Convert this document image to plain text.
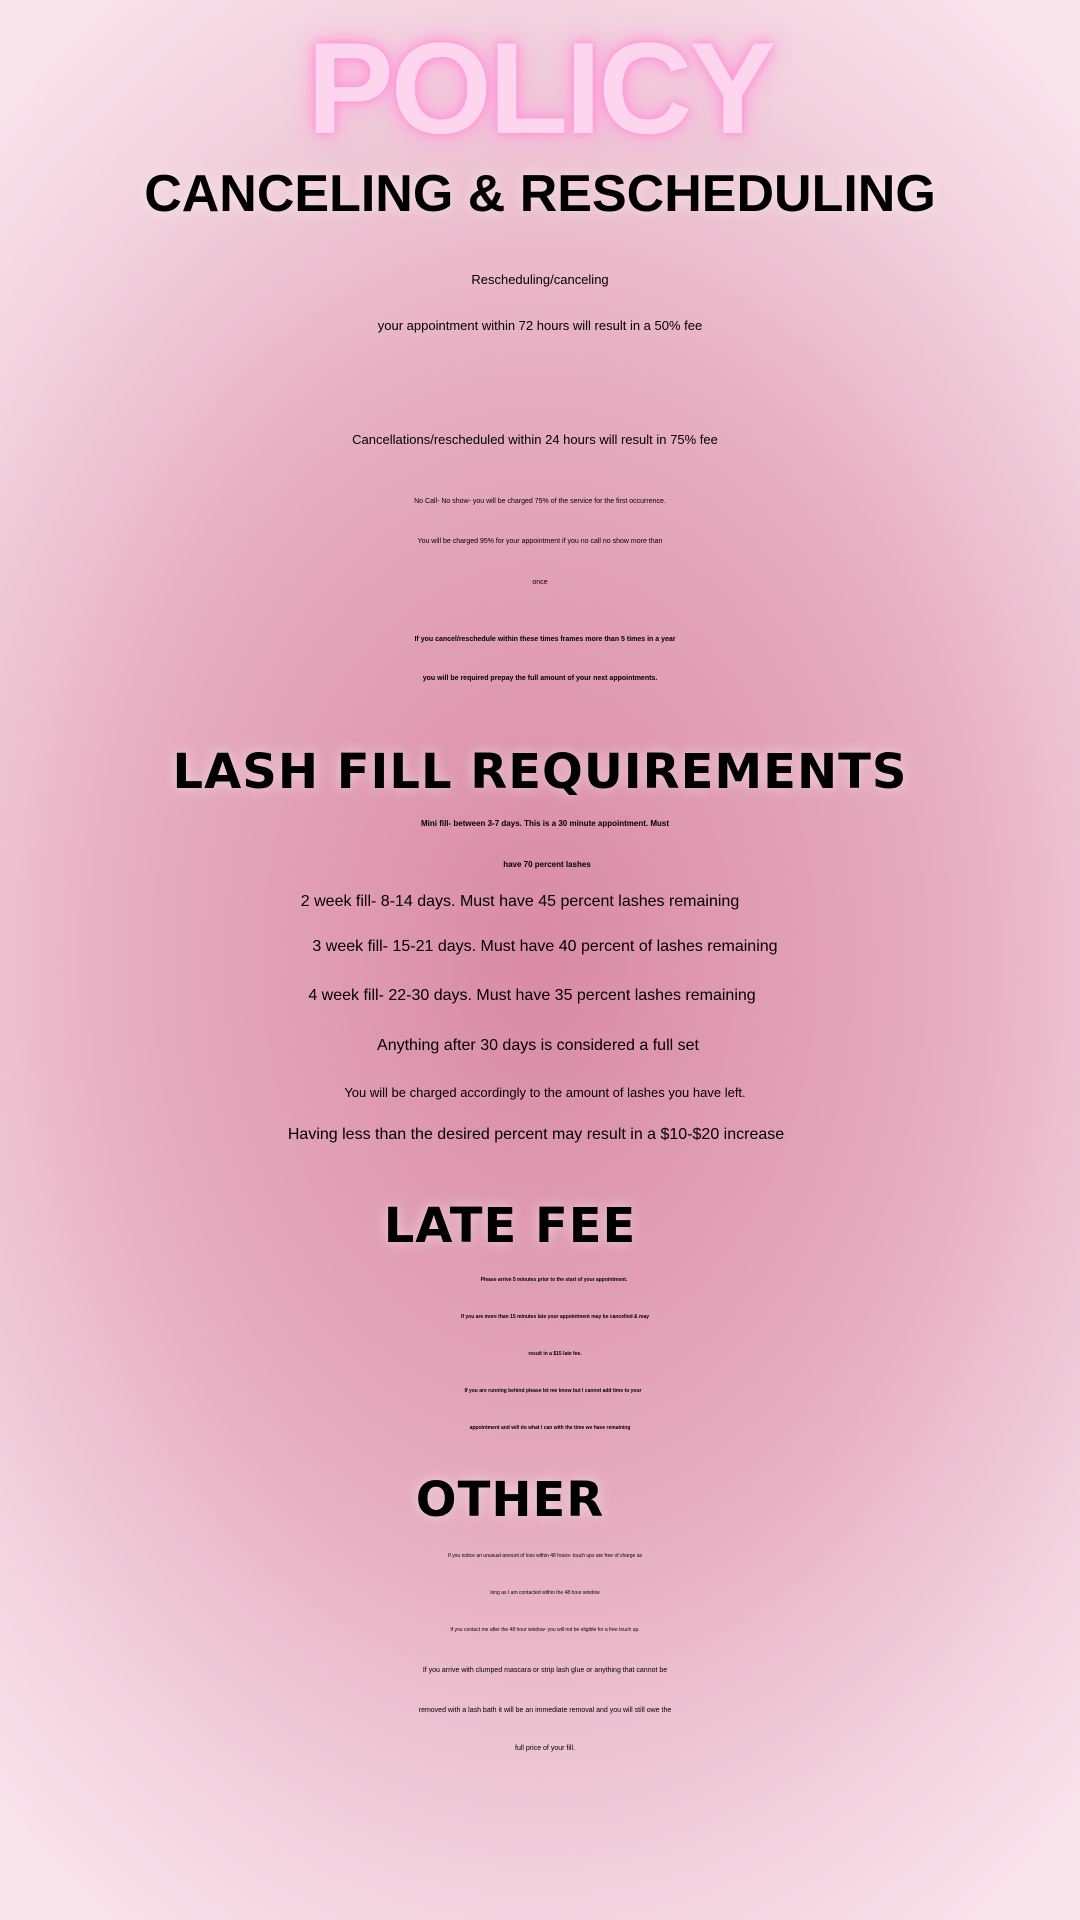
POLICY
CANCELING & RESCHEDULING

Rescheduling/canceling

your appointment within 72 hours will result in a 50% fee

Cancellations/rescheduled within 24 hours will result in 75% fee

No Call- No show- you will be charged 75% of the service for the first occurrence.

You will be charged 95% for your appointment if you no call no show more than

once

If you cancel/reschedule within these times frames more than 5 times in a year

you will be required prepay the full amount of your next appointments.

LASH FILL REQUIREMENTS

Mini fill- between 3-7 days. This is a 30 minute appointment. Must

have 70 percent lashes

2 week fill- 8-14 days. Must have 45 percent lashes remaining

3 week fill- 15-21 days. Must have 40 percent of lashes remaining

4 week fill- 22-30 days. Must have 35 percent lashes remaining

Anything after 30 days is considered a full set

You will be charged accordingly to the amount of lashes you have left.

Having less than the desired percent may result in a $10-$20 increase

LATE FEE

Please arrive 5 minutes prior to the start of your appointment.

If you are more than 15 minutes late your appointment may be cancelled & may

result in a $15 late fee.

If you are running behind please let me know but I cannot add time to your

appointment and will do what I can with the time we have remaining

OTHER

If you notice an unusual amount of loss within 48 hours- touch ups are free of charge as

long as I am contacted within the 48 hour window

If you contact me after the 48 hour window- you will not be eligible for a free touch up.

If you arrive with clumped mascara or strip lash glue or anything that cannot be

removed with a lash bath it will be an immediate removal and you will still owe the

full price of your fill.
